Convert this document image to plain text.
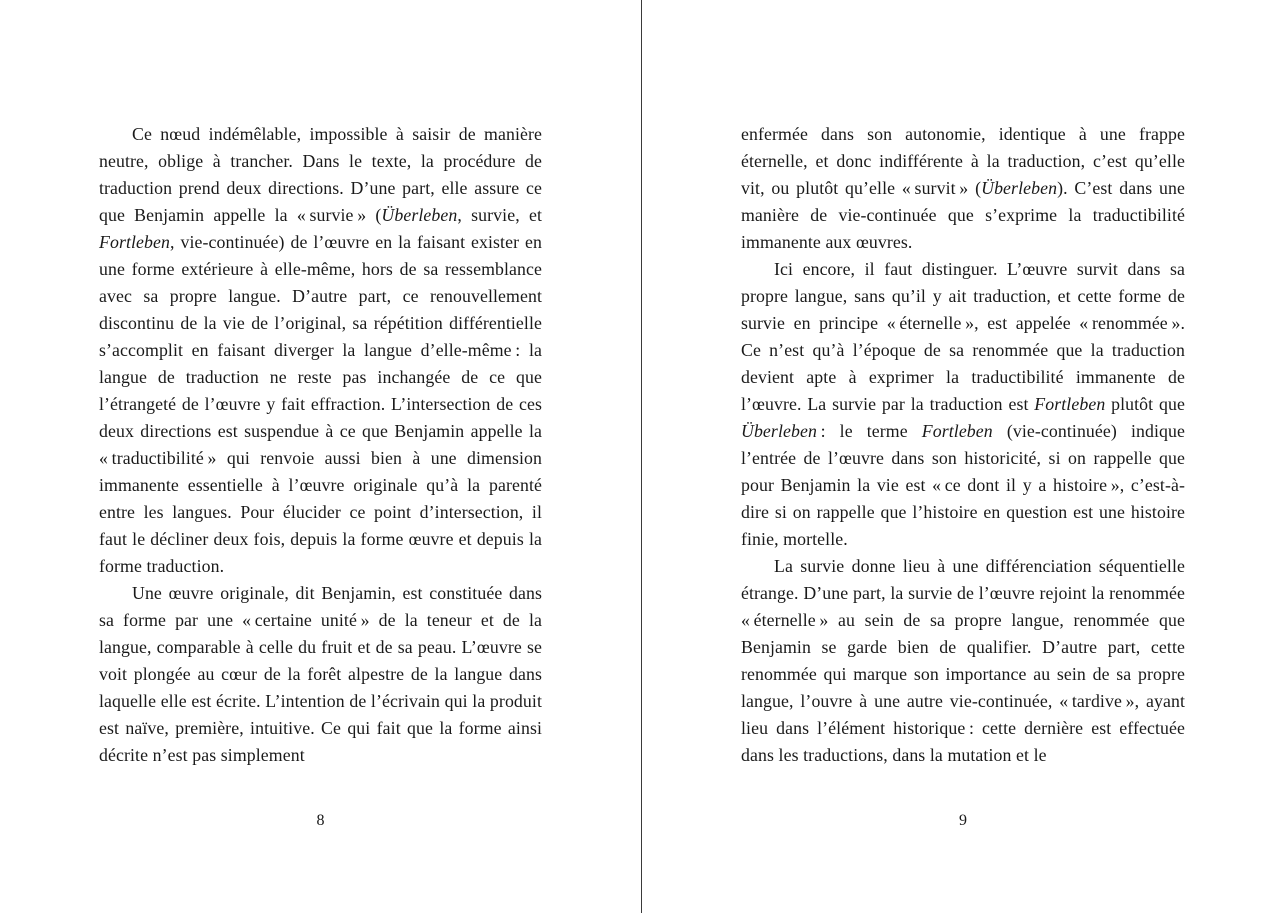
Ce nœud indémêlable, impossible à saisir de manière neutre, oblige à trancher. Dans le texte, la procédure de traduction prend deux directions. D’une part, elle assure ce que Benjamin appelle la « survie » (Überleben, survie, et Fortleben, vie-continuée) de l’œuvre en la faisant exister en une forme extérieure à elle-même, hors de sa ressemblance avec sa propre langue. D’autre part, ce renouvellement discontinu de la vie de l’original, sa répétition différentielle s’accomplit en faisant diverger la langue d’elle-même : la langue de traduction ne reste pas inchangée de ce que l’étrangeté de l’œuvre y fait effraction. L’intersection de ces deux directions est suspendue à ce que Benjamin appelle la « traductibilité » qui renvoie aussi bien à une dimension immanente essentielle à l’œuvre originale qu’à la parenté entre les langues. Pour élucider ce point d’intersection, il faut le décliner deux fois, depuis la forme œuvre et depuis la forme traduction.

Une œuvre originale, dit Benjamin, est constituée dans sa forme par une « certaine unité » de la teneur et de la langue, comparable à celle du fruit et de sa peau. L’œuvre se voit plongée au cœur de la forêt alpestre de la langue dans laquelle elle est écrite. L’intention de l’écrivain qui la produit est naïve, première, intuitive. Ce qui fait que la forme ainsi décrite n’est pas simplement

8

enfermée dans son autonomie, identique à une frappe éternelle, et donc indifférente à la traduction, c’est qu’elle vit, ou plutôt qu’elle « survit » (Überleben). C’est dans une manière de vie-continuée que s’exprime la traductibilité immanente aux œuvres.

Ici encore, il faut distinguer. L’œuvre survit dans sa propre langue, sans qu’il y ait traduction, et cette forme de survie en principe « éternelle », est appelée « renommée ». Ce n’est qu’à l’époque de sa renommée que la traduction devient apte à exprimer la traductibilité immanente de l’œuvre. La survie par la traduction est Fortleben plutôt que Überleben : le terme Fortleben (vie-continuée) indique l’entrée de l’œuvre dans son historicité, si on rappelle que pour Benjamin la vie est « ce dont il y a histoire », c’est-à-dire si on rappelle que l’histoire en question est une histoire finie, mortelle.

La survie donne lieu à une différenciation séquentielle étrange. D’une part, la survie de l’œuvre rejoint la renommée « éternelle » au sein de sa propre langue, renommée que Benjamin se garde bien de qualifier. D’autre part, cette renommée qui marque son importance au sein de sa propre langue, l’ouvre à une autre vie-continuée, « tardive », ayant lieu dans l’élément historique : cette dernière est effectuée dans les traductions, dans la mutation et le

9
